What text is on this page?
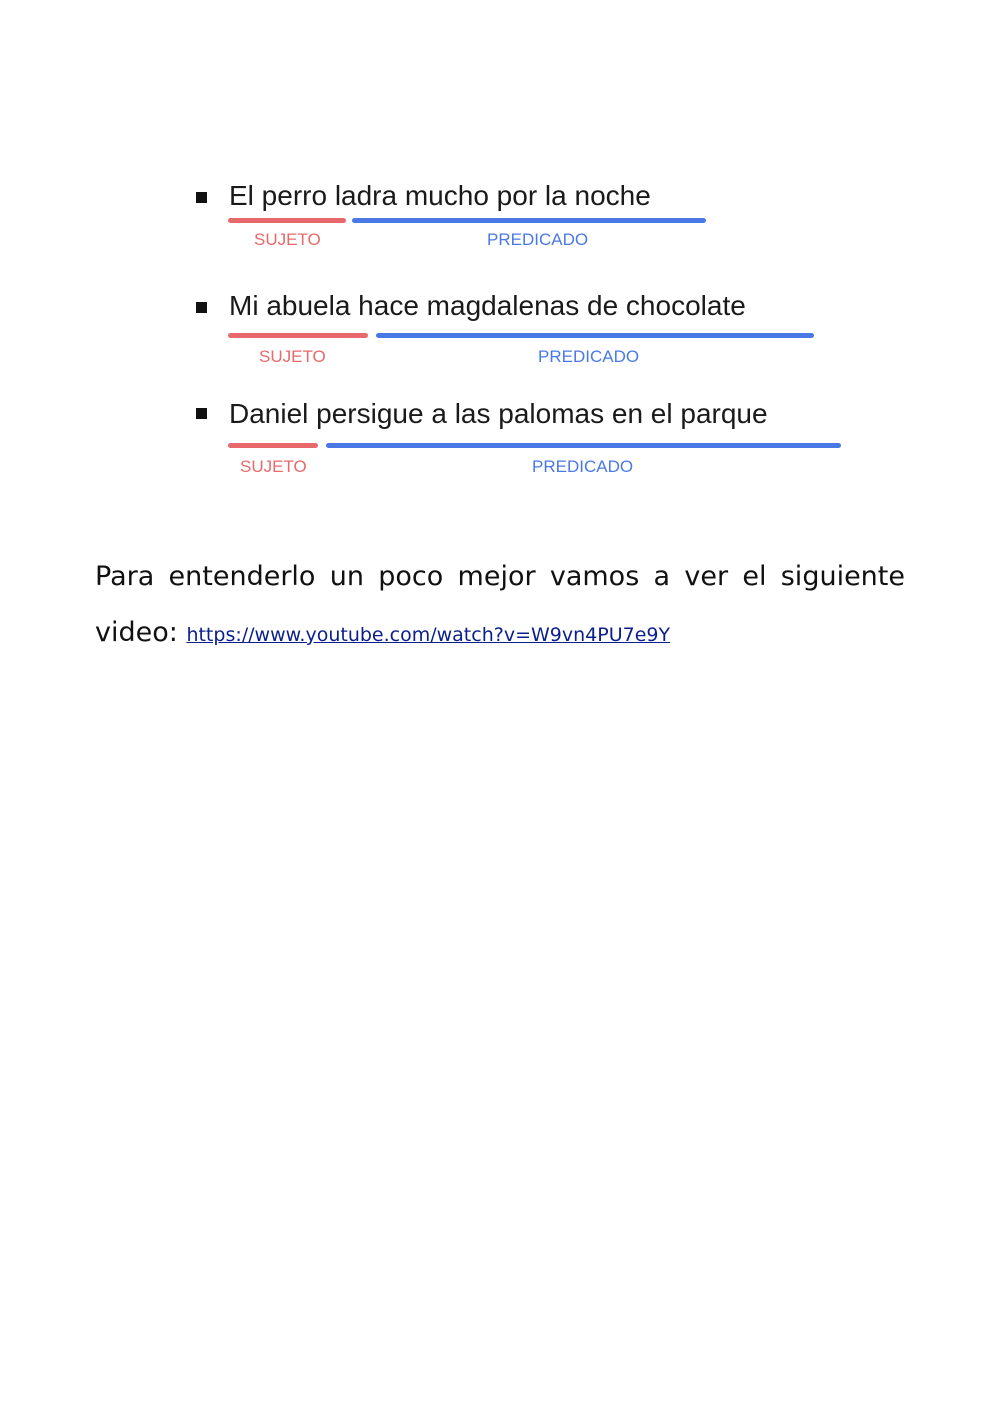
El perro ladra mucho por la noche
SUJETO	PREDICADO
Mi abuela hace magdalenas de chocolate
SUJETO	PREDICADO
Daniel persigue a las palomas en el parque
SUJETO	PREDICADO
Para entenderlo un poco mejor vamos a ver el siguiente
video: https://www.youtube.com/watch?v=W9vn4PU7e9Y
